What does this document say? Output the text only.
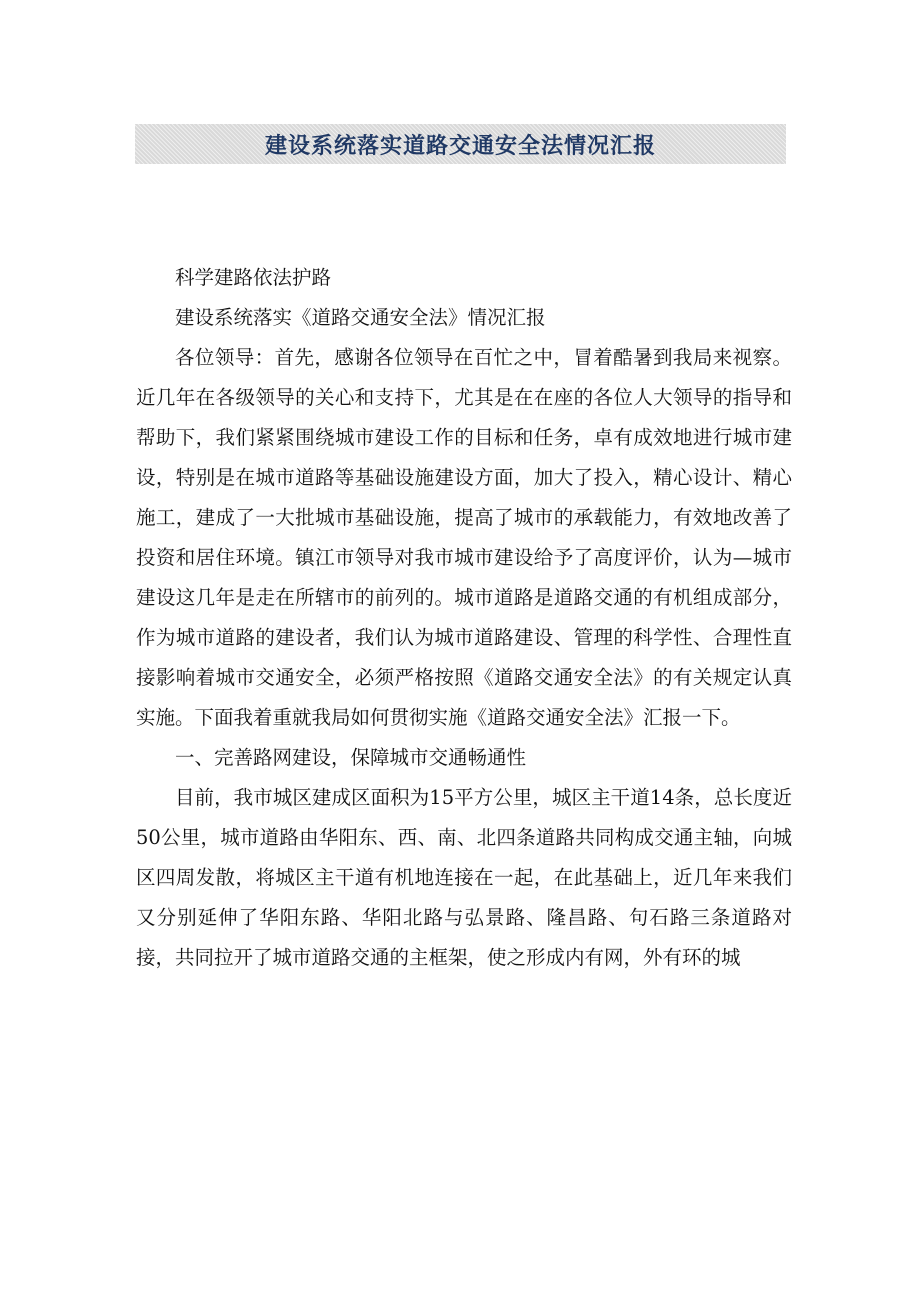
建设系统落实道路交通安全法情况汇报

科学建路依法护路

建设系统落实《道路交通安全法》情况汇报

各位领导：首先，感谢各位领导在百忙之中，冒着酷暑到我局来视察。近几年在各级领导的关心和支持下，尤其是在在座的各位人大领导的指导和帮助下，我们紧紧围绕城市建设工作的目标和任务，卓有成效地进行城市建设，特别是在城市道路等基础设施建设方面，加大了投入，精心设计、精心施工，建成了一大批城市基础设施，提高了城市的承载能力，有效地改善了投资和居住环境。镇江市领导对我市城市建设给予了高度评价，认为—城市建设这几年是走在所辖市的前列的。城市道路是道路交通的有机组成部分，作为城市道路的建设者，我们认为城市道路建设、管理的科学性、合理性直接影响着城市交通安全，必须严格按照《道路交通安全法》的有关规定认真实施。下面我着重就我局如何贯彻实施《道路交通安全法》汇报一下。

一、完善路网建设，保障城市交通畅通性

目前，我市城区建成区面积为15平方公里，城区主干道14条，总长度近50公里，城市道路由华阳东、西、南、北四条道路共同构成交通主轴，向城区四周发散，将城区主干道有机地连接在一起，在此基础上，近几年来我们又分别延伸了华阳东路、华阳北路与弘景路、隆昌路、句石路三条道路对接，共同拉开了城市道路交通的主框架，使之形成内有网，外有环的城
